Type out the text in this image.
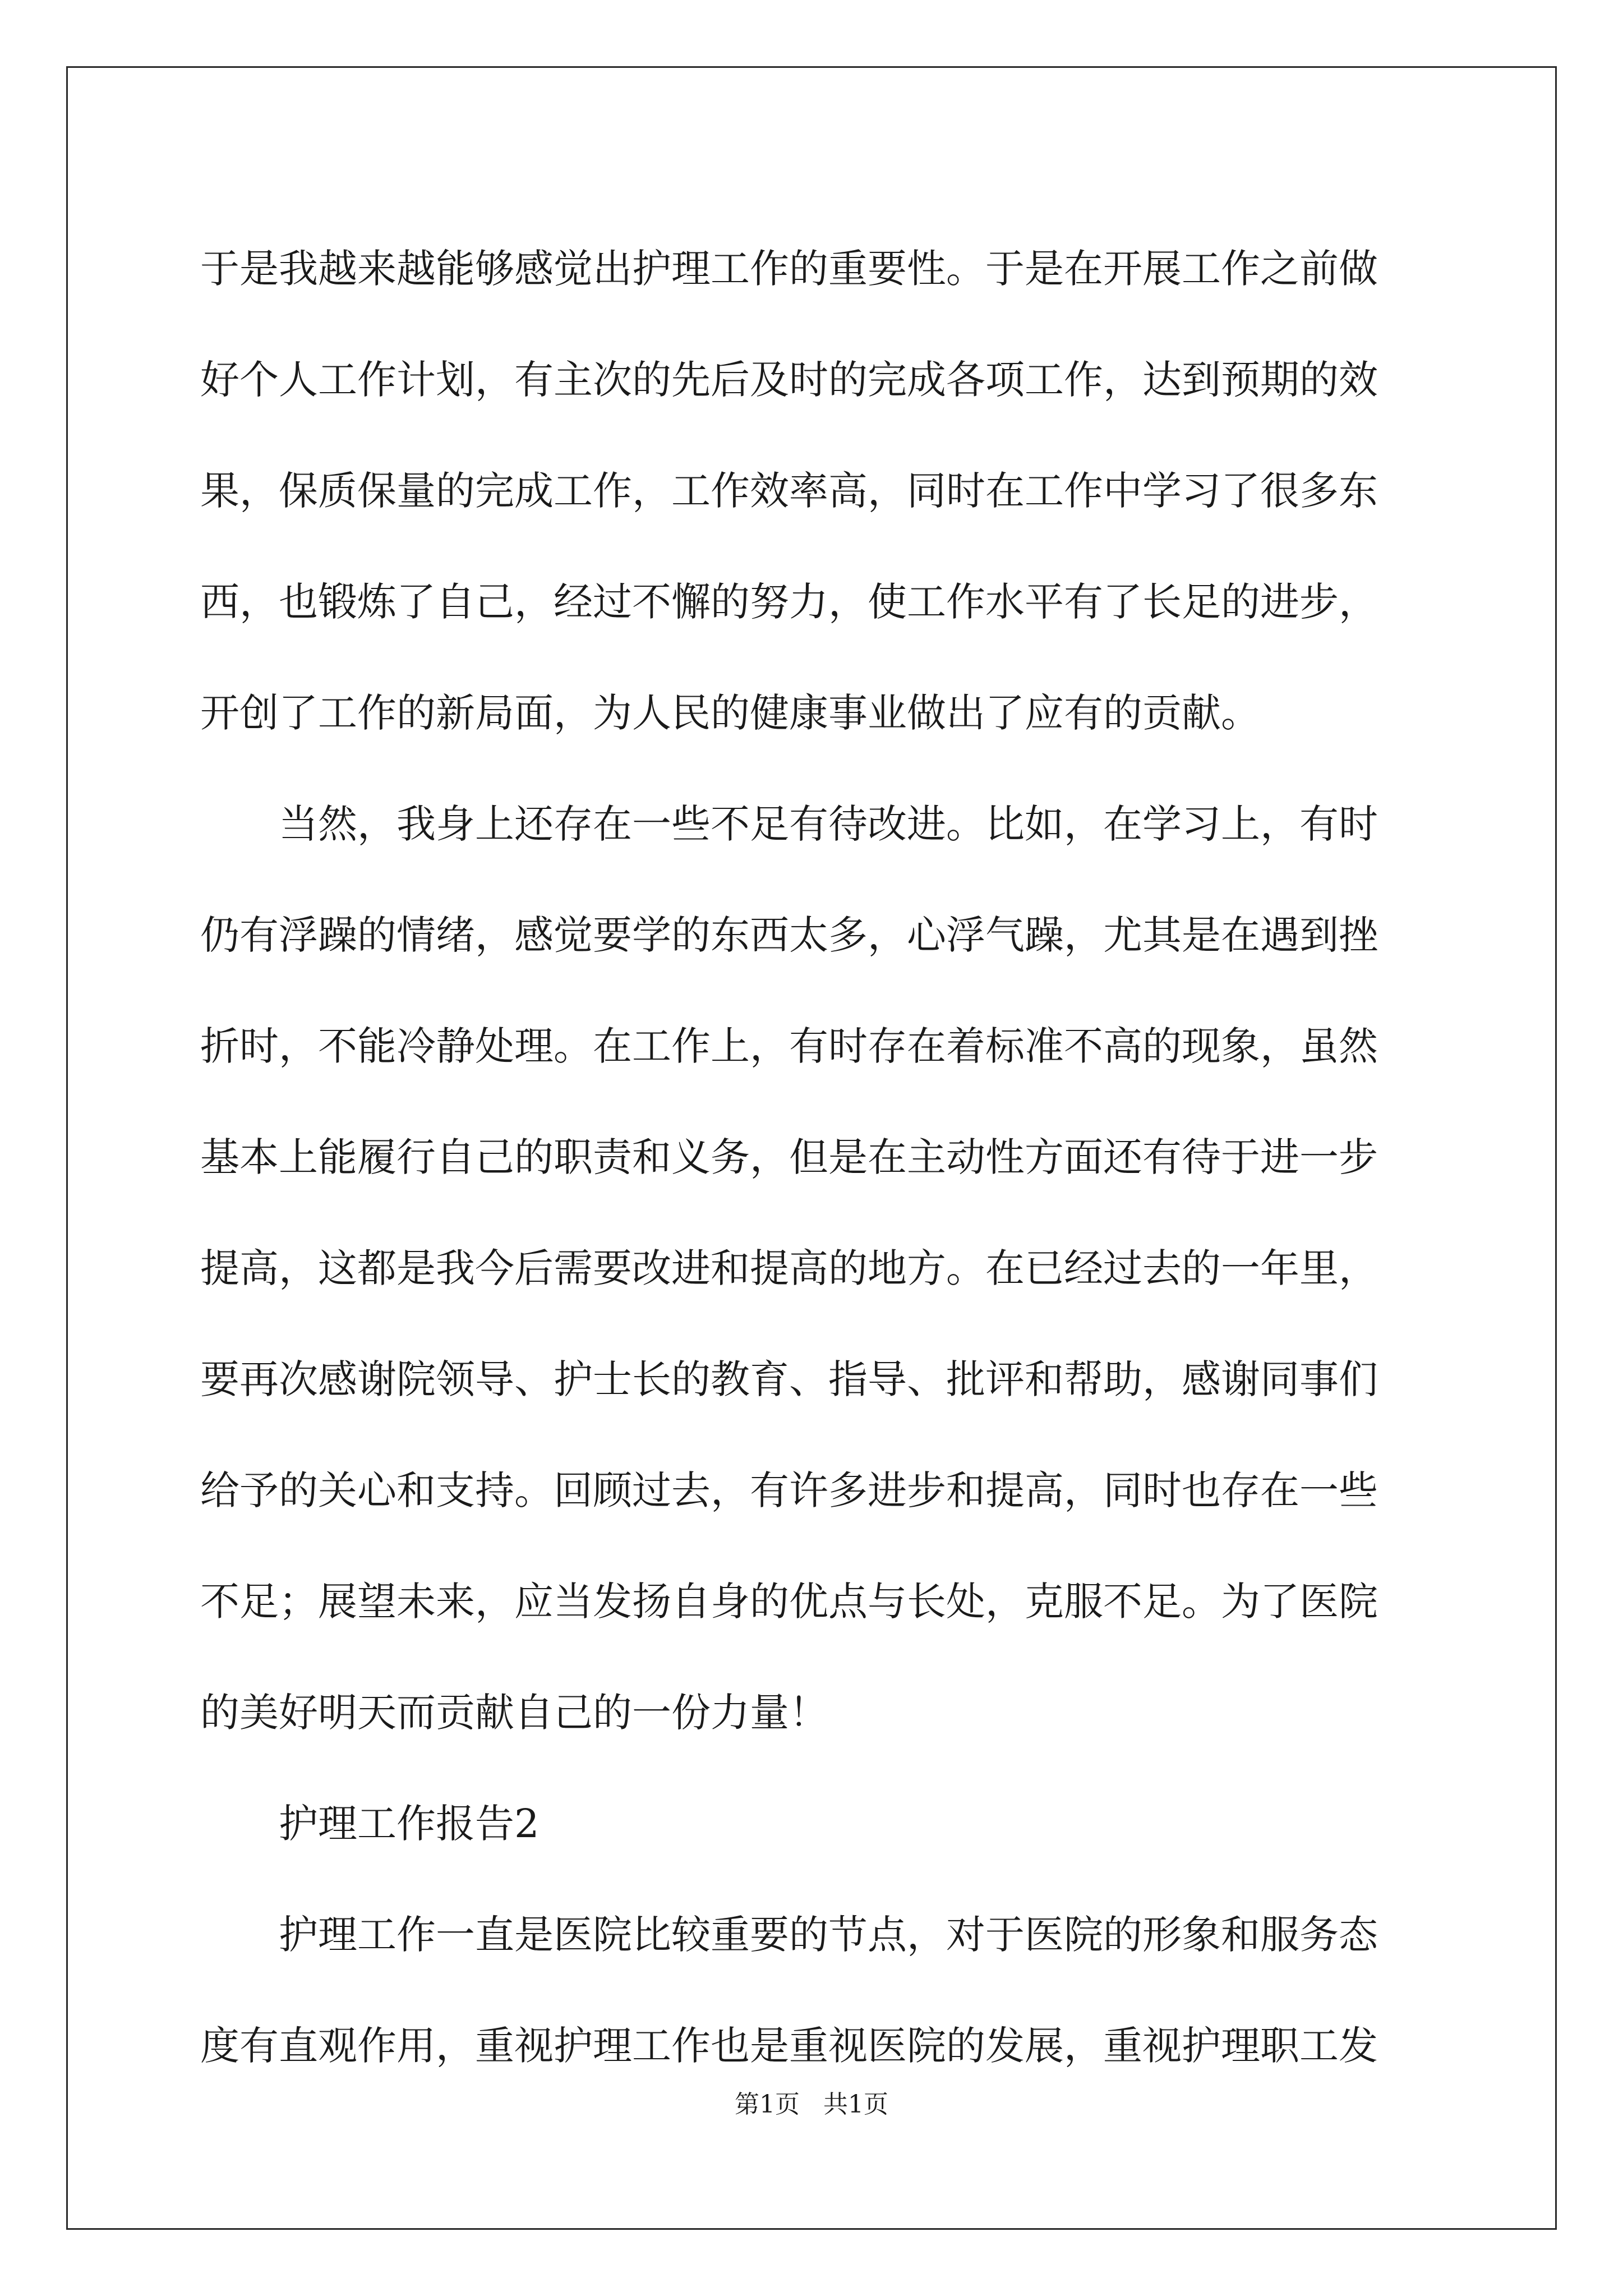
于是我越来越能够感觉出护理工作的重要性。于是在开展工作之前做
好个人工作计划，有主次的先后及时的完成各项工作，达到预期的效
果，保质保量的完成工作，工作效率高，同时在工作中学习了很多东
西，也锻炼了自己，经过不懈的努力，使工作水平有了长足的进步，
开创了工作的新局面，为人民的健康事业做出了应有的贡献。
当然，我身上还存在一些不足有待改进。比如，在学习上，有时
仍有浮躁的情绪，感觉要学的东西太多，心浮气躁，尤其是在遇到挫
折时，不能冷静处理。在工作上，有时存在着标准不高的现象，虽然
基本上能履行自己的职责和义务，但是在主动性方面还有待于进一步
提高，这都是我今后需要改进和提高的地方。在已经过去的一年里，
要再次感谢院领导、护士长的教育、指导、批评和帮助，感谢同事们
给予的关心和支持。回顾过去，有许多进步和提高，同时也存在一些
不足；展望未来，应当发扬自身的优点与长处，克服不足。为了医院
的美好明天而贡献自己的一份力量！
护理工作报告2
护理工作一直是医院比较重要的节点，对于医院的形象和服务态
度有直观作用，重视护理工作也是重视医院的发展，重视护理职工发
第1页   共1页
